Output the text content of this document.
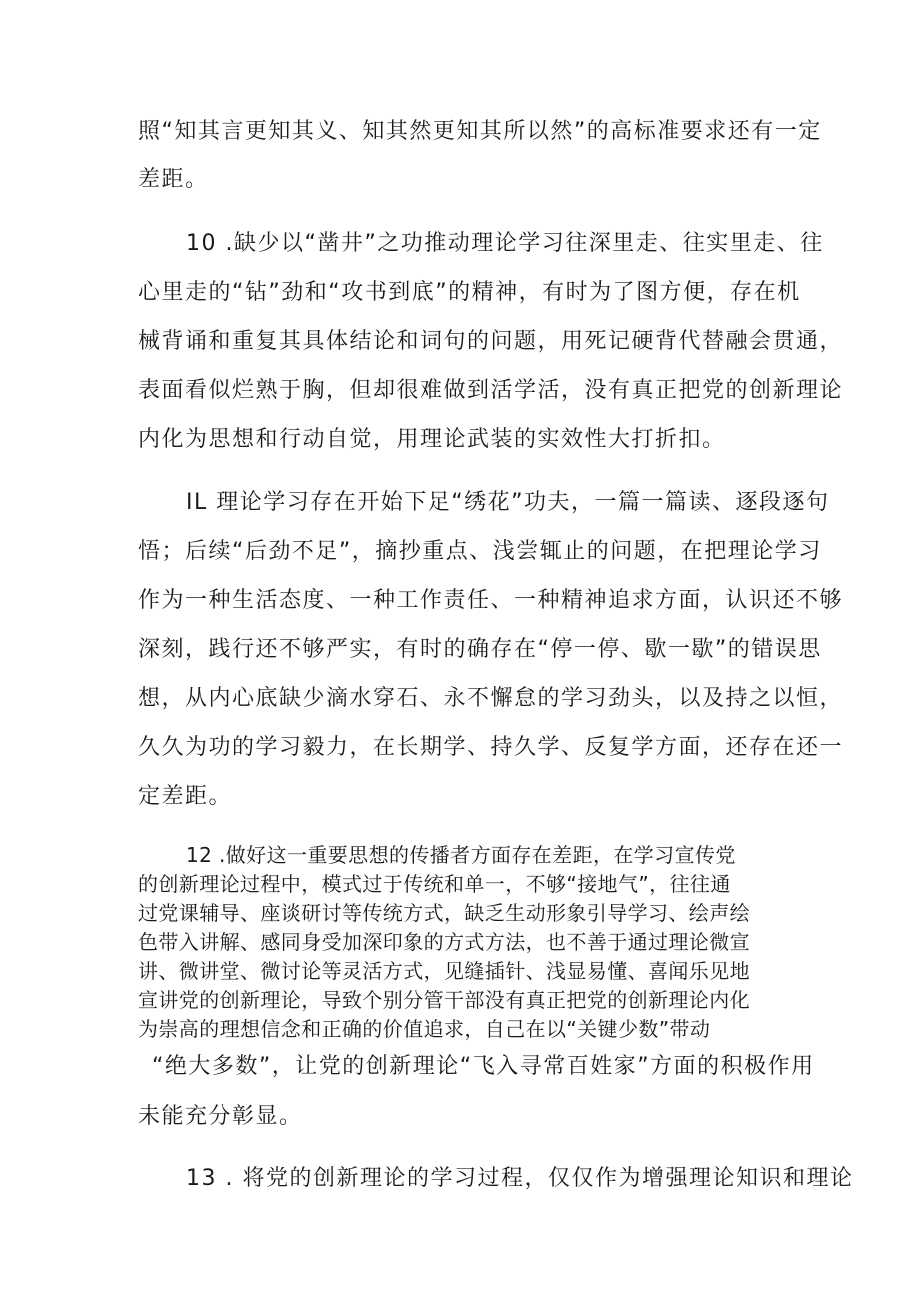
照“知其言更知其义、知其然更知其所以然”的高标准要求还有一定
差距。
10 .缺少以“凿井”之功推动理论学习往深里走、往实里走、往
心里走的“钻”劲和“攻书到底”的精神，有时为了图方便，存在机
械背诵和重复其具体结论和词句的问题，用死记硬背代替融会贯通，
表面看似烂熟于胸，但却很难做到活学活，没有真正把党的创新理论
内化为思想和行动自觉，用理论武装的实效性大打折扣。
IL 理论学习存在开始下足“绣花”功夫，一篇一篇读、逐段逐句
悟；后续“后劲不足”，摘抄重点、浅尝辄止的问题，在把理论学习
作为一种生活态度、一种工作责任、一种精神追求方面，认识还不够
深刻，践行还不够严实，有时的确存在“停一停、歇一歇”的错误思
想，从内心底缺少滴水穿石、永不懈怠的学习劲头，以及持之以恒，
久久为功的学习毅力，在长期学、持久学、反复学方面，还存在还一
定差距。
12 .做好这一重要思想的传播者方面存在差距，在学习宣传党
的创新理论过程中，模式过于传统和单一，不够“接地气”，往往通
过党课辅导、座谈研讨等传统方式，缺乏生动形象引导学习、绘声绘
色带入讲解、感同身受加深印象的方式方法，也不善于通过理论微宣
讲、微讲堂、微讨论等灵活方式，见缝插针、浅显易懂、喜闻乐见地
宣讲党的创新理论，导致个别分管干部没有真正把党的创新理论内化
为崇高的理想信念和正确的价值追求，自己在以“关键少数”带动
“绝大多数”，让党的创新理论“飞入寻常百姓家”方面的积极作用
未能充分彰显。
13 . 将党的创新理论的学习过程，仅仅作为增强理论知识和理论
